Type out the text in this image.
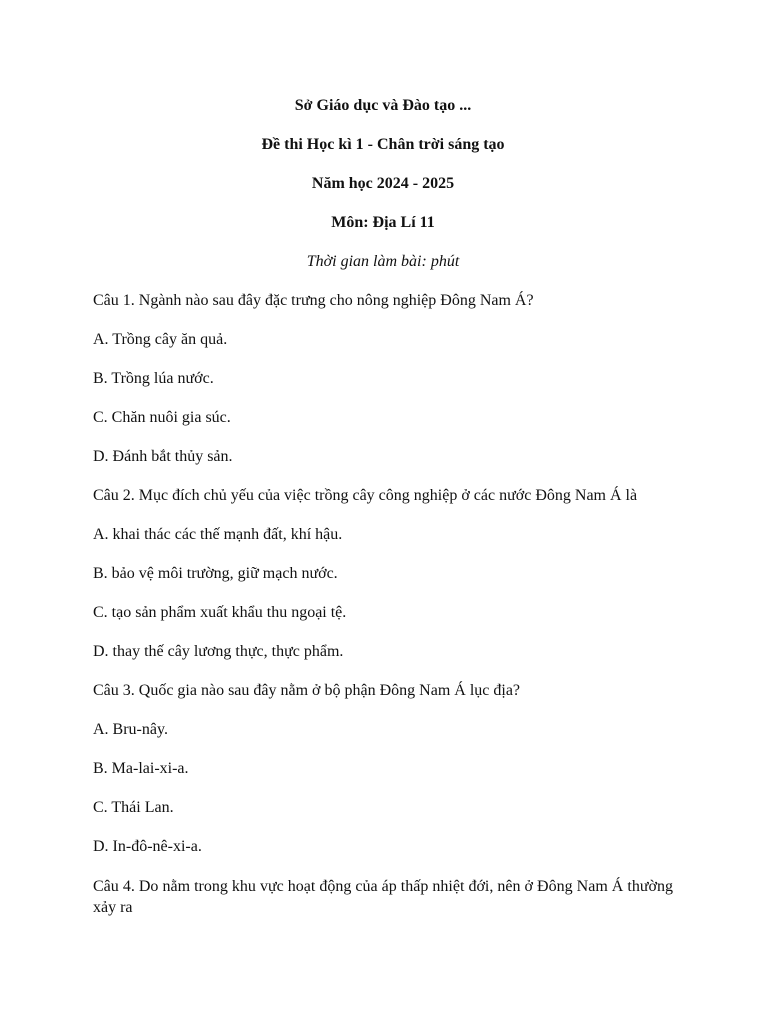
Sở Giáo dục và Đào tạo ...

Đề thi Học kì 1 - Chân trời sáng tạo

Năm học 2024 - 2025

Môn: Địa Lí 11

Thời gian làm bài: phút

Câu 1. Ngành nào sau đây đặc trưng cho nông nghiệp Đông Nam Á?

A. Trồng cây ăn quả.

B. Trồng lúa nước.

C. Chăn nuôi gia súc.

D. Đánh bắt thủy sản.

Câu 2. Mục đích chủ yếu của việc trồng cây công nghiệp ở các nước Đông Nam Á là

A. khai thác các thế mạnh đất, khí hậu.

B. bảo vệ môi trường, giữ mạch nước.

C. tạo sản phẩm xuất khẩu thu ngoại tệ.

D. thay thế cây lương thực, thực phẩm.

Câu 3. Quốc gia nào sau đây nằm ở bộ phận Đông Nam Á lục địa?

A. Bru-nây.

B. Ma-lai-xi-a.

C. Thái Lan.

D. In-đô-nê-xi-a.

Câu 4. Do nằm trong khu vực hoạt động của áp thấp nhiệt đới, nên ở Đông Nam Á thường xảy ra
